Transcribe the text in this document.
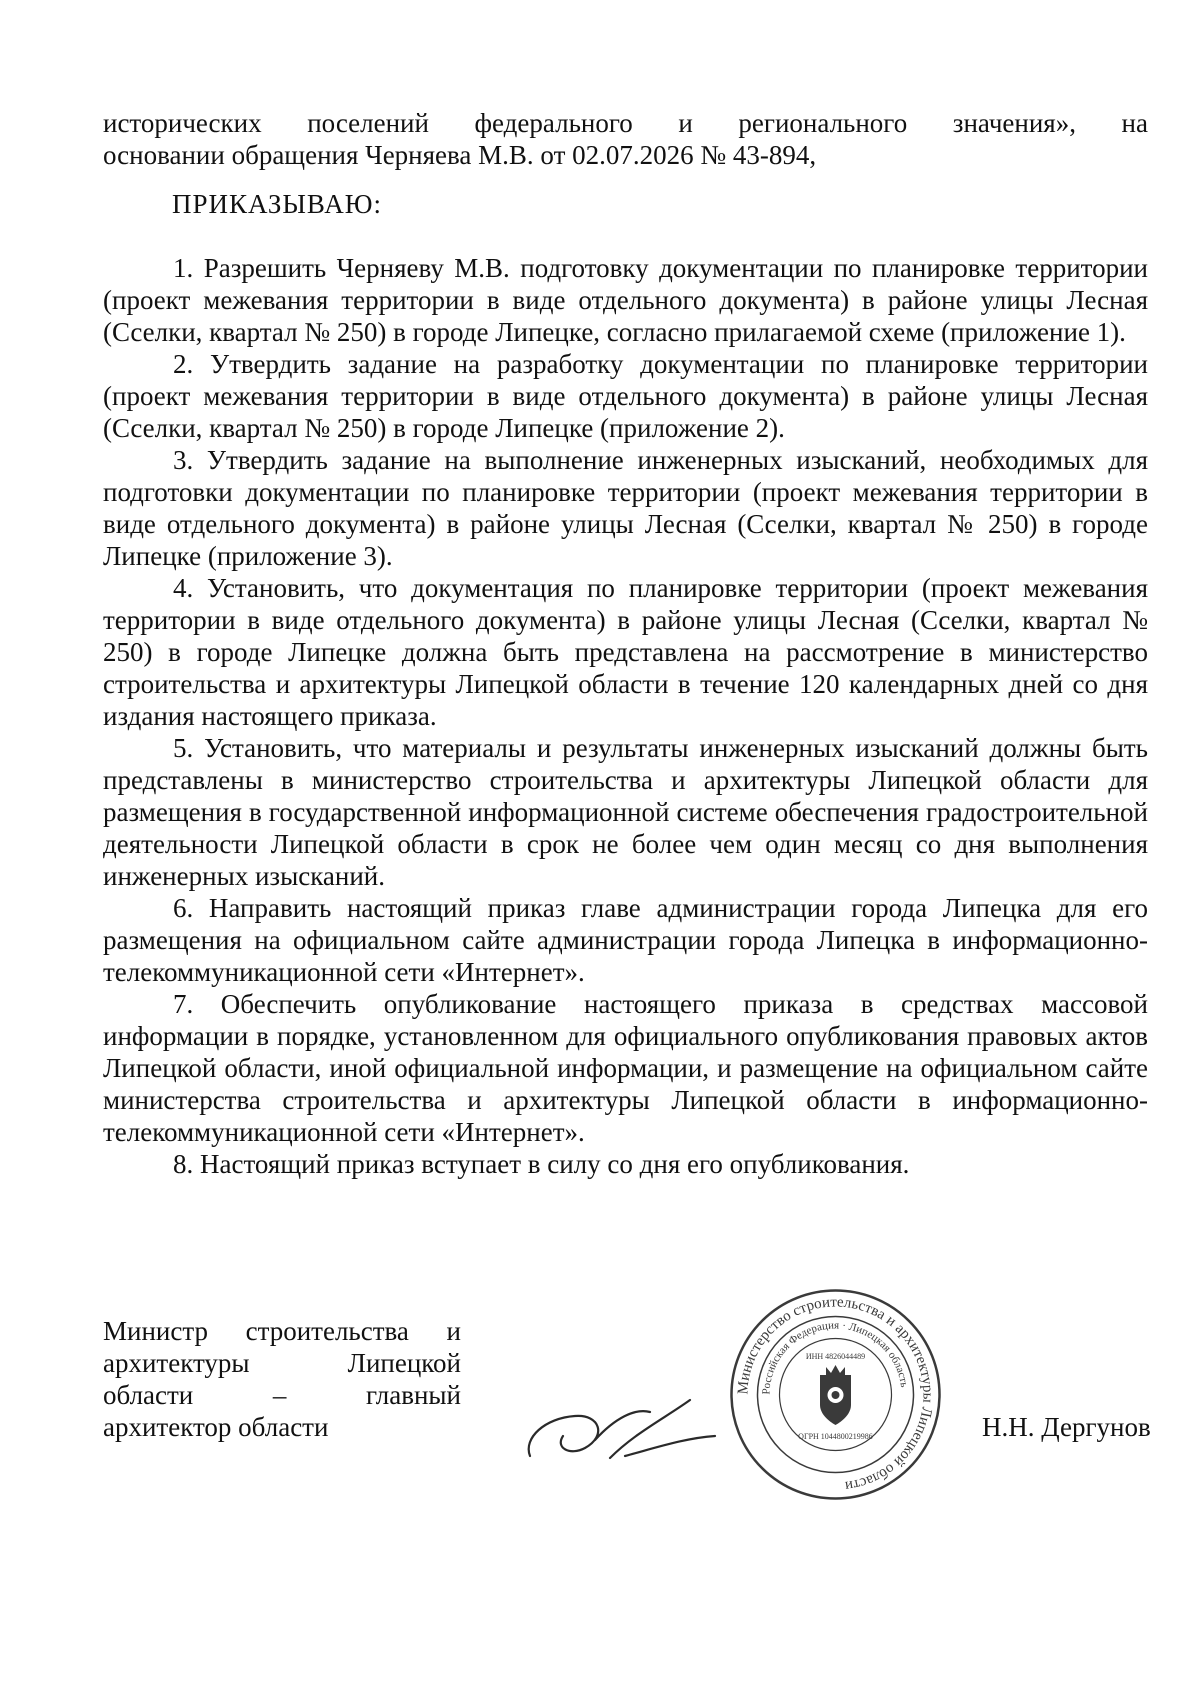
исторических поселений федерального и регионального значения», на

основании обращения Черняева М.В. от 02.07.2026 № 43-894,

ПРИКАЗЫВАЮ:

1. Разрешить Черняеву М.В. подготовку документации по планировке территории (проект межевания территории в виде отдельного документа) в районе улицы Лесная (Сселки, квартал № 250) в городе Липецке, согласно прилагаемой схеме (приложение 1).

2. Утвердить задание на разработку документации по планировке территории (проект межевания территории в виде отдельного документа) в районе улицы Лесная (Сселки, квартал № 250) в городе Липецке (приложение 2).

3. Утвердить задание на выполнение инженерных изысканий, необходимых для подготовки документации по планировке территории (проект межевания территории в виде отдельного документа) в районе улицы Лесная (Сселки, квартал № 250) в городе Липецке (приложение 3).

4. Установить, что документация по планировке территории (проект межевания территории в виде отдельного документа) в районе улицы Лесная (Сселки, квартал № 250) в городе Липецке должна быть представлена на рассмотрение в министерство строительства и архитектуры Липецкой области в течение 120 календарных дней со дня издания настоящего приказа.

5. Установить, что материалы и результаты инженерных изысканий должны быть представлены в министерство строительства и архитектуры Липецкой области для размещения в государственной информационной системе обеспечения градостроительной деятельности Липецкой области в срок не более чем один месяц со дня выполнения инженерных изысканий.

6. Направить настоящий приказ главе администрации города Липецка для его размещения на официальном сайте администрации города Липецка в информационно-телекоммуникационной сети «Интернет».

7. Обеспечить опубликование настоящего приказа в средствах массовой информации в порядке, установленном для официального опубликования правовых актов Липецкой области, иной официальной информации, и размещение на официальном сайте министерства строительства и архитектуры Липецкой области в информационно-телекоммуникационной сети «Интернет».

8. Настоящий приказ вступает в силу со дня его опубликования.

Министр строительства и
архитектуры	Липецкой
области	–	главный
архитектор области
Министерство строительства и архитектуры Липецкой области
Российская Федерация · Липецкая область
ИНН 4826044489
ОГРН 1044800219986	Н.Н. Дергунов
